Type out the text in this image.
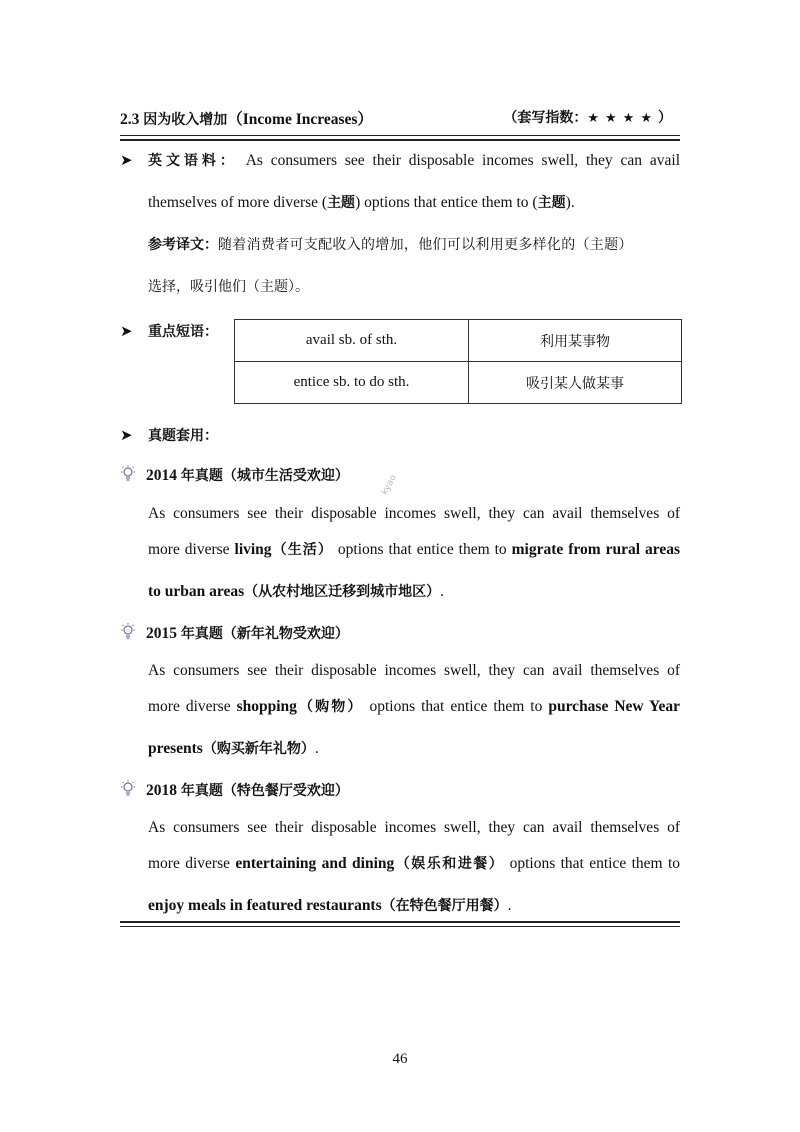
2.3 因为收入增加（Income Increases）	（套写指数：★★★★）
➤ 英文语料： As consumers see their disposable incomes swell, they can avail
themselves of more diverse (主题) options that entice them to (主题).
参考译文：随着消费者可支配收入的增加，他们可以利用更多样化的（主题）
选择，吸引他们（主题）。
➤ 重点短语：	avail sb. of sth.	利用某事物
entice sb. to do sth.	吸引某人做某事
➤ 真题套用：
2014 年真题（城市生活受欢迎）
As consumers see their disposable incomes swell, they can avail themselves of
more diverse living（生活） options that entice them to migrate from rural areas
to urban areas（从农村地区迁移到城市地区）.
2015 年真题（新年礼物受欢迎）
As consumers see their disposable incomes swell, they can avail themselves of
more diverse shopping（购物） options that entice them to purchase New Year
presents（购买新年礼物）.
2018 年真题（特色餐厅受欢迎）
As consumers see their disposable incomes swell, they can avail themselves of
more diverse entertaining and dining（娱乐和进餐） options that entice them to
enjoy meals in featured restaurants（在特色餐厅用餐）.
kyao
46
